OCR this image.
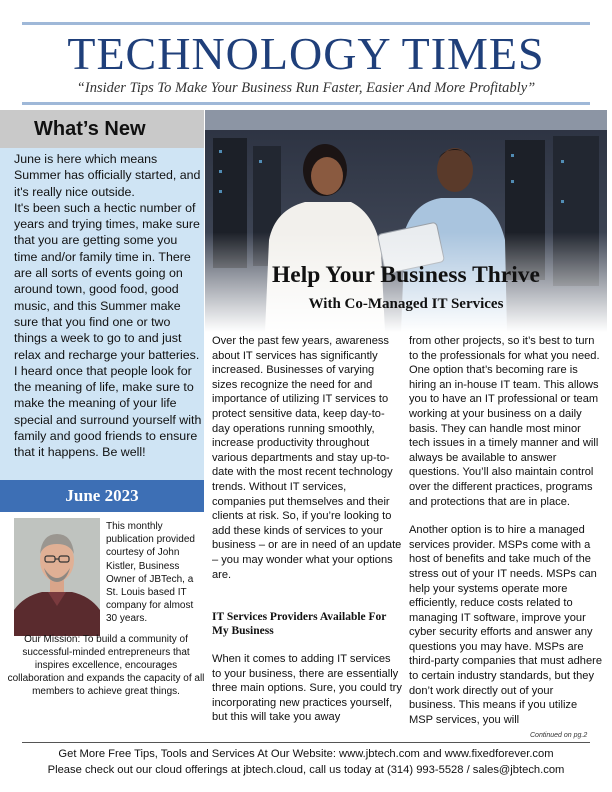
TECHNOLOGY TIMES
“Insider Tips To Make Your Business Run Faster, Easier And More Profitably”
What’s New

June is here which means Summer has officially started, and it's really nice outside.

It's been such a hectic number of years and trying times, make sure that you are getting some you time and/or family time in. There are all sorts of events going on around town, good food, good music, and this Summer make sure that you find one or two things a week to go to and just relax and recharge your batteries.

I heard once that people look for the meaning of life, make sure to make the meaning of your life special and surround yourself with family and good friends to ensure that it happens. Be well!

June 2023
This monthly publication provided courtesy of John Kistler, Business Owner of JBTech, a St. Louis based IT company for almost 30 years.
Our Mission: To build a community of successful-minded entrepreneurs that inspires excellence, encourages collaboration and expands the capacity of all members to achieve great things.
Help Your Business Thrive
With Co-Managed IT Services

Over the past few years, awareness about IT services has significantly increased. Businesses of varying sizes recognize the need for and importance of utilizing IT services to protect sensitive data, keep day-to-day operations running smoothly, increase productivity throughout various departments and stay up-to-date with the most recent technology trends. Without IT services, companies put themselves and their clients at risk. So, if you’re looking to add these kinds of services to your business – or are in need of an update – you may wonder what your options are.

IT Services Providers Available For My Business

When it comes to adding IT services to your business, there are essentially three main options. Sure, you could try incorporating new practices yourself, but this will take you away

from other projects, so it’s best to turn to the professionals for what you need. One option that’s becoming rare is hiring an in-house IT team. This allows you to have an IT professional or team working at your business on a daily basis. They can handle most minor tech issues in a timely manner and will always be available to answer questions. You’ll also maintain control over the different practices, programs and protections that are in place.

Another option is to hire a managed services provider. MSPs come with a host of benefits and take much of the stress out of your IT needs. MSPs can help your systems operate more efficiently, reduce costs related to managing IT software, improve your cyber security efforts and answer any questions you may have. MSPs are third-party companies that must adhere to certain industry standards, but they don’t work directly out of your business. This means if you utilize MSP services, you will

Continued on pg.2
Get More Free Tips, Tools and Services At Our Website: www.jbtech.com and www.fixedforever.com
Please check out our cloud offerings at jbtech.cloud, call us today at (314) 993-5528 / sales@jbtech.com
